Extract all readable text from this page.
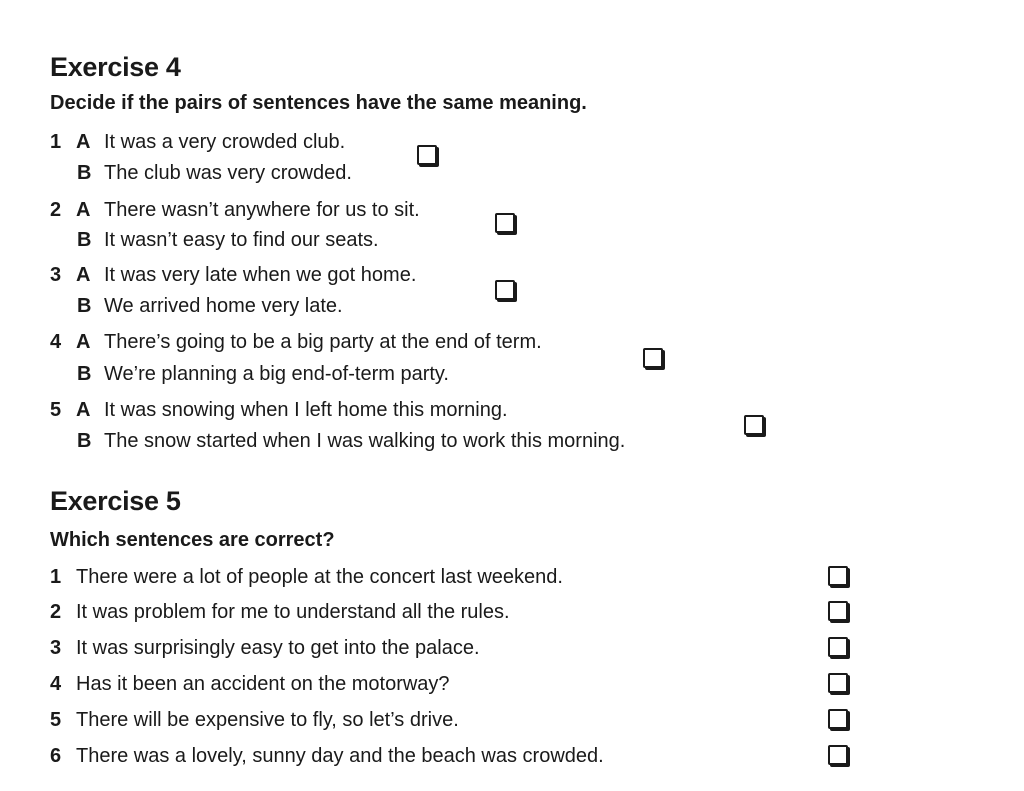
Exercise 4

Decide if the pairs of sentences have the same meaning.

1 A It was a very crowded club.
B The club was very crowded.
2 A There wasn’t anywhere for us to sit.
B It wasn’t easy to find our seats.
3 A It was very late when we got home.
B We arrived home very late.
4 A There’s going to be a big party at the end of term.
B We’re planning a big end-of-term party.
5 A It was snowing when I left home this morning.
B The snow started when I was walking to work this morning.
Exercise 5

Which sentences are correct?

1 There were a lot of people at the concert last weekend.
2 It was problem for me to understand all the rules.
3 It was surprisingly easy to get into the palace.
4 Has it been an accident on the motorway?
5 There will be expensive to fly, so let’s drive.
6 There was a lovely, sunny day and the beach was crowded.
